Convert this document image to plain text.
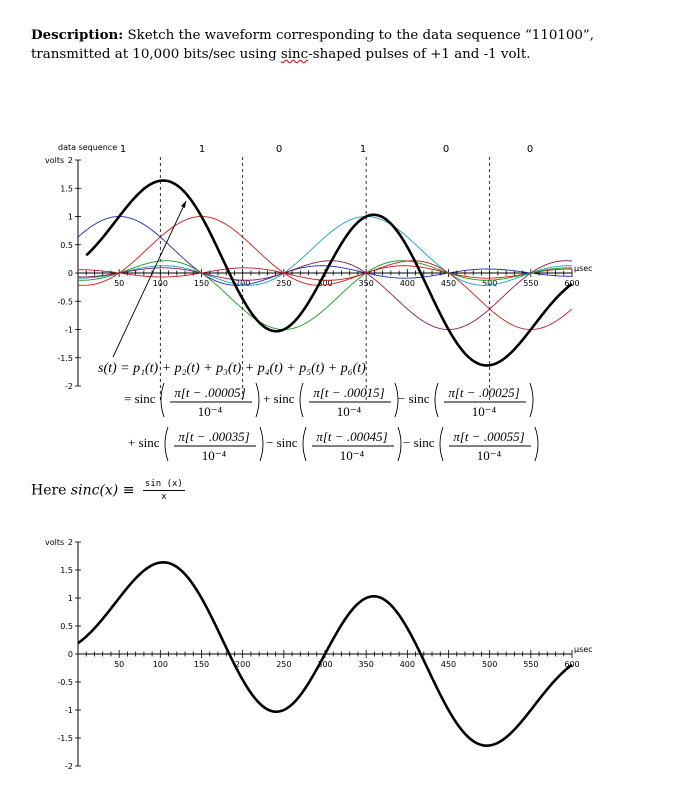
Description: Sketch the waveform corresponding to the data sequence “110100”,
transmitted at 10,000 bits/sec using sinc-shaped pulses of +1 and -1 volt.
-2
-1.5
-1
-0.5
0
0.5
1
1.5
2
volts
50	100	150	200	250	300	350	400	450	500	550	600
μsec
data sequence 1	1	0	1	0	0
s(t) = p₁(t) + p₂(t) + p₃(t) + p₄(t) + p₅(t) + p₆(t)
= sinc π[t − .00005]
10⁻⁴
+ sinc π[t − .00015]
10⁻⁴
− sinc π[t − .00025]
10⁻⁴
+ sinc π[t − .00035]
10⁻⁴
− sinc π[t − .00045]
10⁻⁴
− sinc π[t − .00055]
10⁻⁴
-2
-1.5
-1
-0.5
0
0.5
1
1.5
2
volts
50	100	150	200	250	300	350	400	450	500	550	600
μsec
Here $\sin c(x) \equiv \frac{\sin (x)}{x}$
